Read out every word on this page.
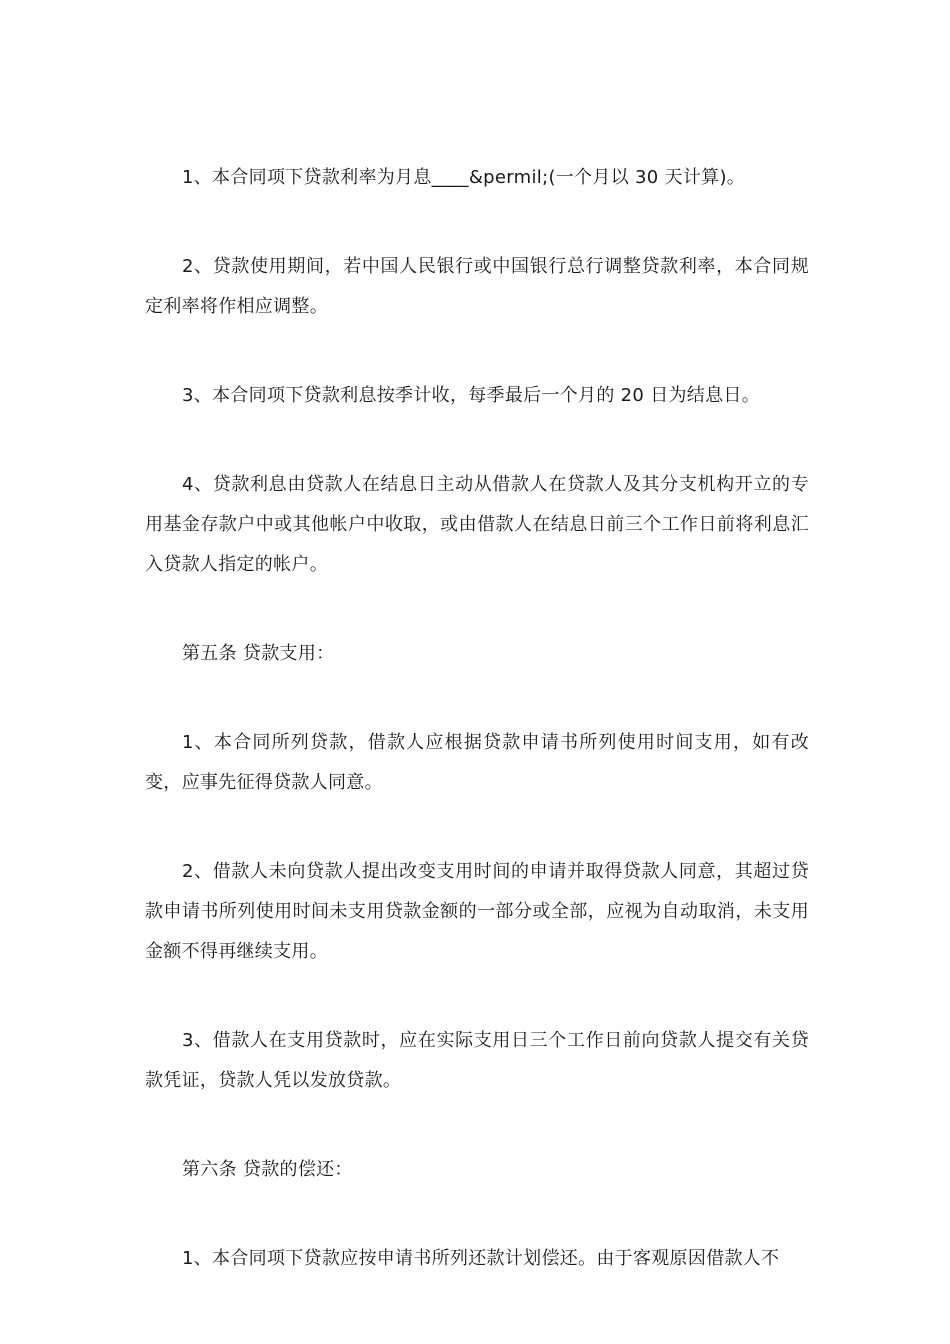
1、本合同项下贷款利率为月息____&permil;(一个月以 30 天计算)。

2、贷款使用期间，若中国人民银行或中国银行总行调整贷款利率，本合同规定利率将作相应调整。

3、本合同项下贷款利息按季计收，每季最后一个月的 20 日为结息日。

4、贷款利息由贷款人在结息日主动从借款人在贷款人及其分支机构开立的专用基金存款户中或其他帐户中收取，或由借款人在结息日前三个工作日前将利息汇入贷款人指定的帐户。

第五条 贷款支用：

1、本合同所列贷款，借款人应根据贷款申请书所列使用时间支用，如有改变，应事先征得贷款人同意。

2、借款人未向贷款人提出改变支用时间的申请并取得贷款人同意，其超过贷款申请书所列使用时间未支用贷款金额的一部分或全部，应视为自动取消，未支用金额不得再继续支用。

3、借款人在支用贷款时，应在实际支用日三个工作日前向贷款人提交有关贷款凭证，贷款人凭以发放贷款。

第六条 贷款的偿还：

1、本合同项下贷款应按申请书所列还款计划偿还。由于客观原因借款人不
